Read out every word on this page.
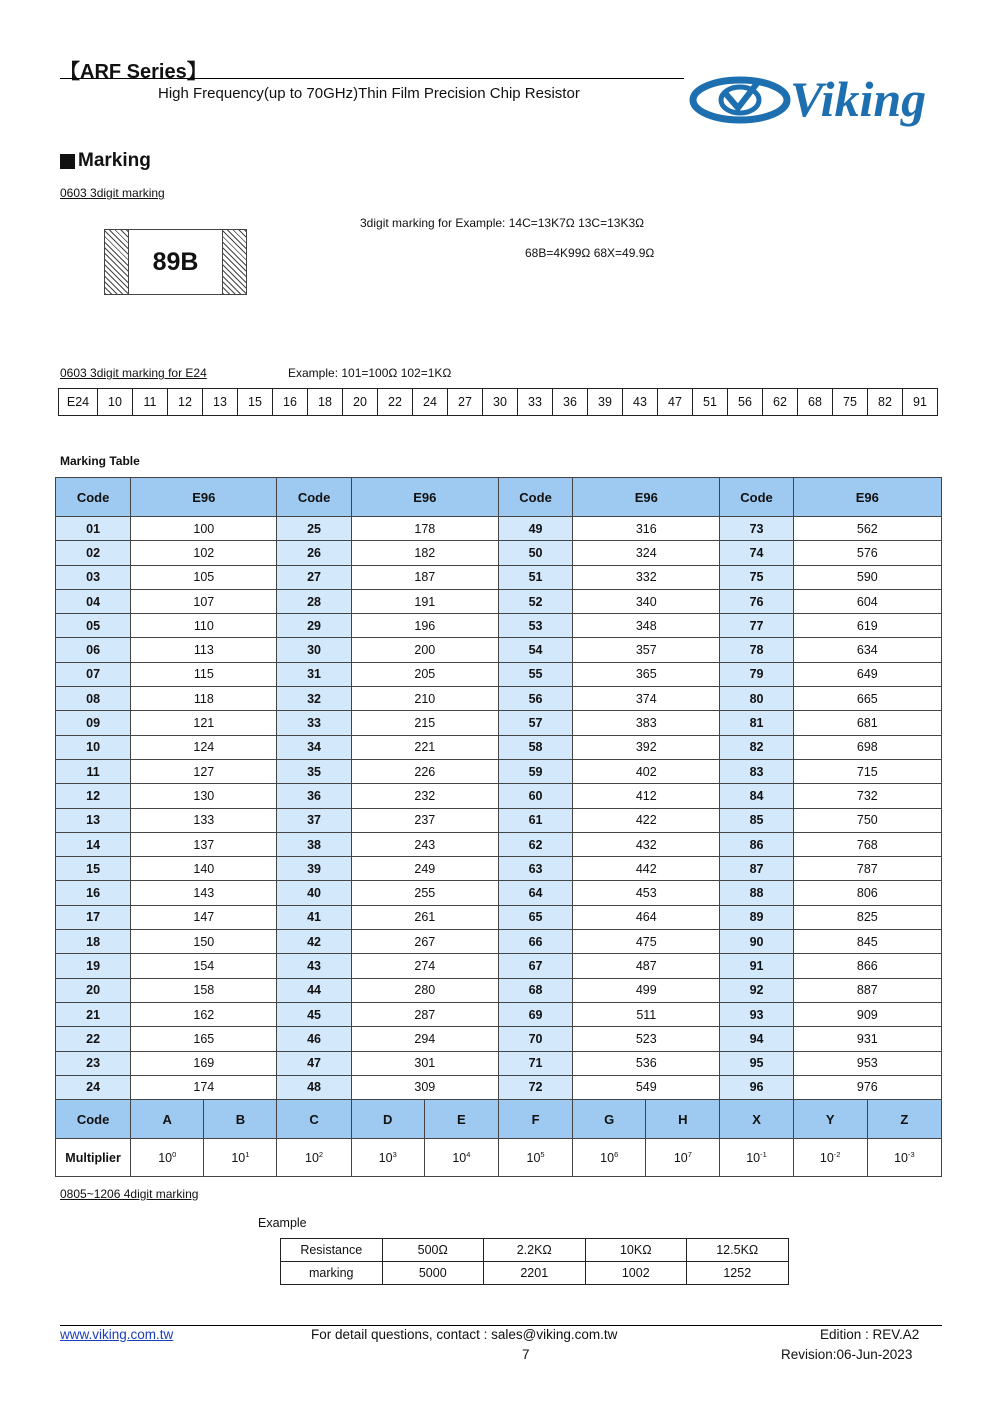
【ARF Series】
High Frequency(up to 70GHz)Thin Film Precision Chip Resistor	Viking
Marking
0603 3digit marking
89B
3digit marking for Example: 14C=13K7Ω 13C=13K3Ω
68B=4K99Ω 68X=49.9Ω
0603 3digit marking for E24	Example: 101=100Ω 102=1KΩ
E24	10	11	12	13	15	16	18	20	22	24	27	30	33	36	39	43	47	51	56	62	68	75	82	91
Marking Table
Code	E96		Code	E96		Code	E96		Code	E96	
01	100		25	178		49	316		73	562	
02	102		26	182		50	324		74	576	
03	105		27	187		51	332		75	590	
04	107		28	191		52	340		76	604	
05	110		29	196		53	348		77	619	
06	113		30	200		54	357		78	634	
07	115		31	205		55	365		79	649	
08	118		32	210		56	374		80	665	
09	121		33	215		57	383		81	681	
10	124		34	221		58	392		82	698	
11	127		35	226		59	402		83	715	
12	130		36	232		60	412		84	732	
13	133		37	237		61	422		85	750	
14	137		38	243		62	432		86	768	
15	140		39	249		63	442		87	787	
16	143		40	255		64	453		88	806	
17	147		41	261		65	464		89	825	
18	150		42	267		66	475		90	845	
19	154		43	274		67	487		91	866	
20	158		44	280		68	499		92	887	
21	162		45	287		69	511		93	909	
22	165		46	294		70	523		94	931	
23	169		47	301		71	536		95	953	
24	174		48	309		72	549		96	976	
Code	A	B	C	D	E	F	G	H	X	Y	Z
Multiplier	$10^0$	$10^1$	$10^2$	$10^3$	$10^4$	$10^5$	$10^6$	$10^7$	$10^{-1}$	$10^{-2}$	$10^{-3}$
0805~1206 4digit marking
Example
Resistance	500Ω	2.2KΩ	10KΩ	12.5KΩ
marking	5000	2201	1002	1252
www.viking.com.tw	For detail questions, contact : sales@viking.com.tw
7
Edition : REV.A2
Revision:06-Jun-2023
